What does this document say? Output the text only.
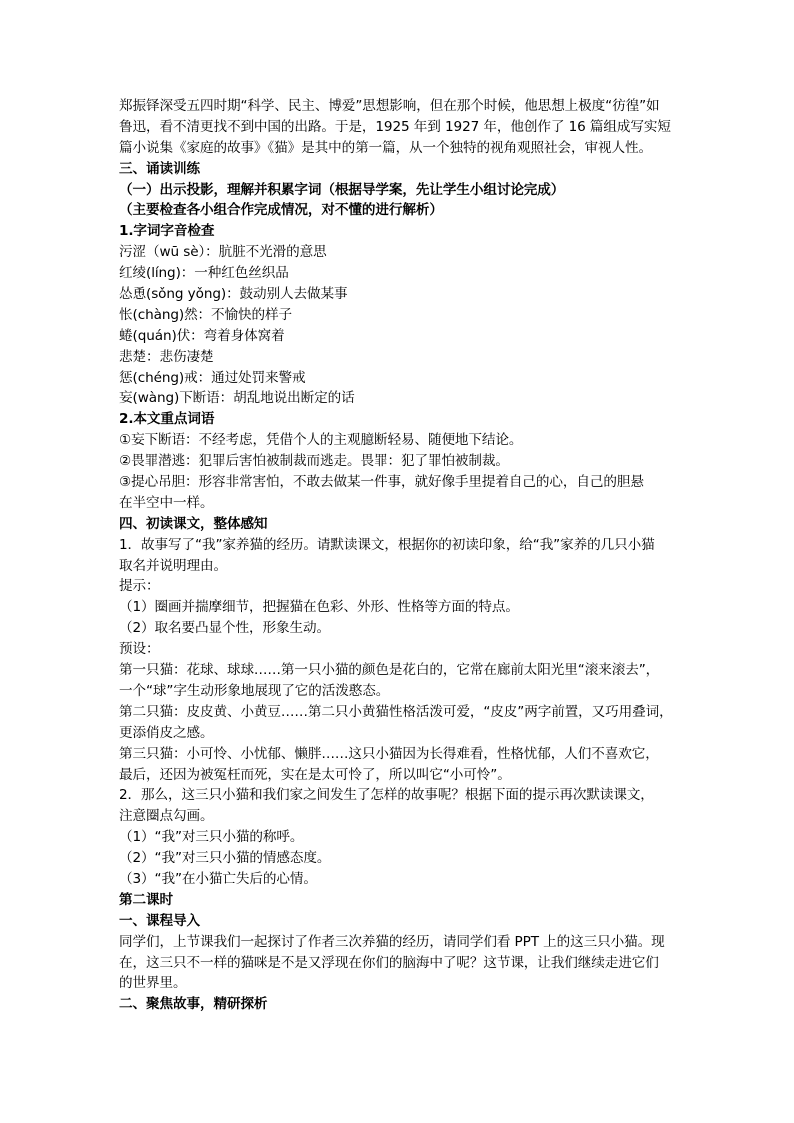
郑振铎深受五四时期“科学、民主、博爱”思想影响，但在那个时候，他思想上极度“彷徨”如
鲁迅，看不清更找不到中国的出路。于是，1925 年到 1927 年，他创作了 16 篇组成写实短
篇小说集《家庭的故事》《猫》是其中的第一篇，从一个独特的视角观照社会，审视人性。
三、诵读训练
（一）出示投影，理解并积累字词（根据导学案，先让学生小组讨论完成）
（主要检查各小组合作完成情况，对不懂的进行解析）
1.字词字音检查
污涩（wū sè）：肮脏不光滑的意思
红绫(líng)：一种红色丝织品
怂恿(sǒng yǒng)：鼓动别人去做某事
怅(chàng)然：不愉快的样子
蜷(quán)伏：弯着身体窝着
悲楚：悲伤凄楚
惩(chéng)戒：通过处罚来警戒
妄(wàng)下断语：胡乱地说出断定的话
2.本文重点词语
①妄下断语：不经考虑，凭借个人的主观臆断轻易、随便地下结论。
②畏罪潜逃：犯罪后害怕被制裁而逃走。畏罪：犯了罪怕被制裁。
③提心吊胆：形容非常害怕，不敢去做某一件事，就好像手里提着自己的心，自己的胆悬
在半空中一样。
四、初读课文，整体感知
1．故事写了“我”家养猫的经历。请默读课文，根据你的初读印象，给“我”家养的几只小猫
取名并说明理由。
提示：
（1）圈画并揣摩细节，把握猫在色彩、外形、性格等方面的特点。
（2）取名要凸显个性，形象生动。
预设：
第一只猫：花球、球球……第一只小猫的颜色是花白的，它常在廊前太阳光里“滚来滚去”，
一个“球”字生动形象地展现了它的活泼憨态。
第二只猫：皮皮黄、小黄豆……第二只小黄猫性格活泼可爱，“皮皮”两字前置，又巧用叠词，
更添俏皮之感。
第三只猫：小可怜、小忧郁、懒胖……这只小猫因为长得难看，性格忧郁，人们不喜欢它，
最后，还因为被冤枉而死，实在是太可怜了，所以叫它“小可怜”。
2．那么，这三只小猫和我们家之间发生了怎样的故事呢？根据下面的提示再次默读课文，
注意圈点勾画。
（1）“我”对三只小猫的称呼。
（2）“我”对三只小猫的情感态度。
（3）“我”在小猫亡失后的心情。
第二课时
一、课程导入
同学们，上节课我们一起探讨了作者三次养猫的经历，请同学们看 PPT 上的这三只小猫。现
在，这三只不一样的猫咪是不是又浮现在你们的脑海中了呢？这节课，让我们继续走进它们
的世界里。
二、聚焦故事，精研探析
